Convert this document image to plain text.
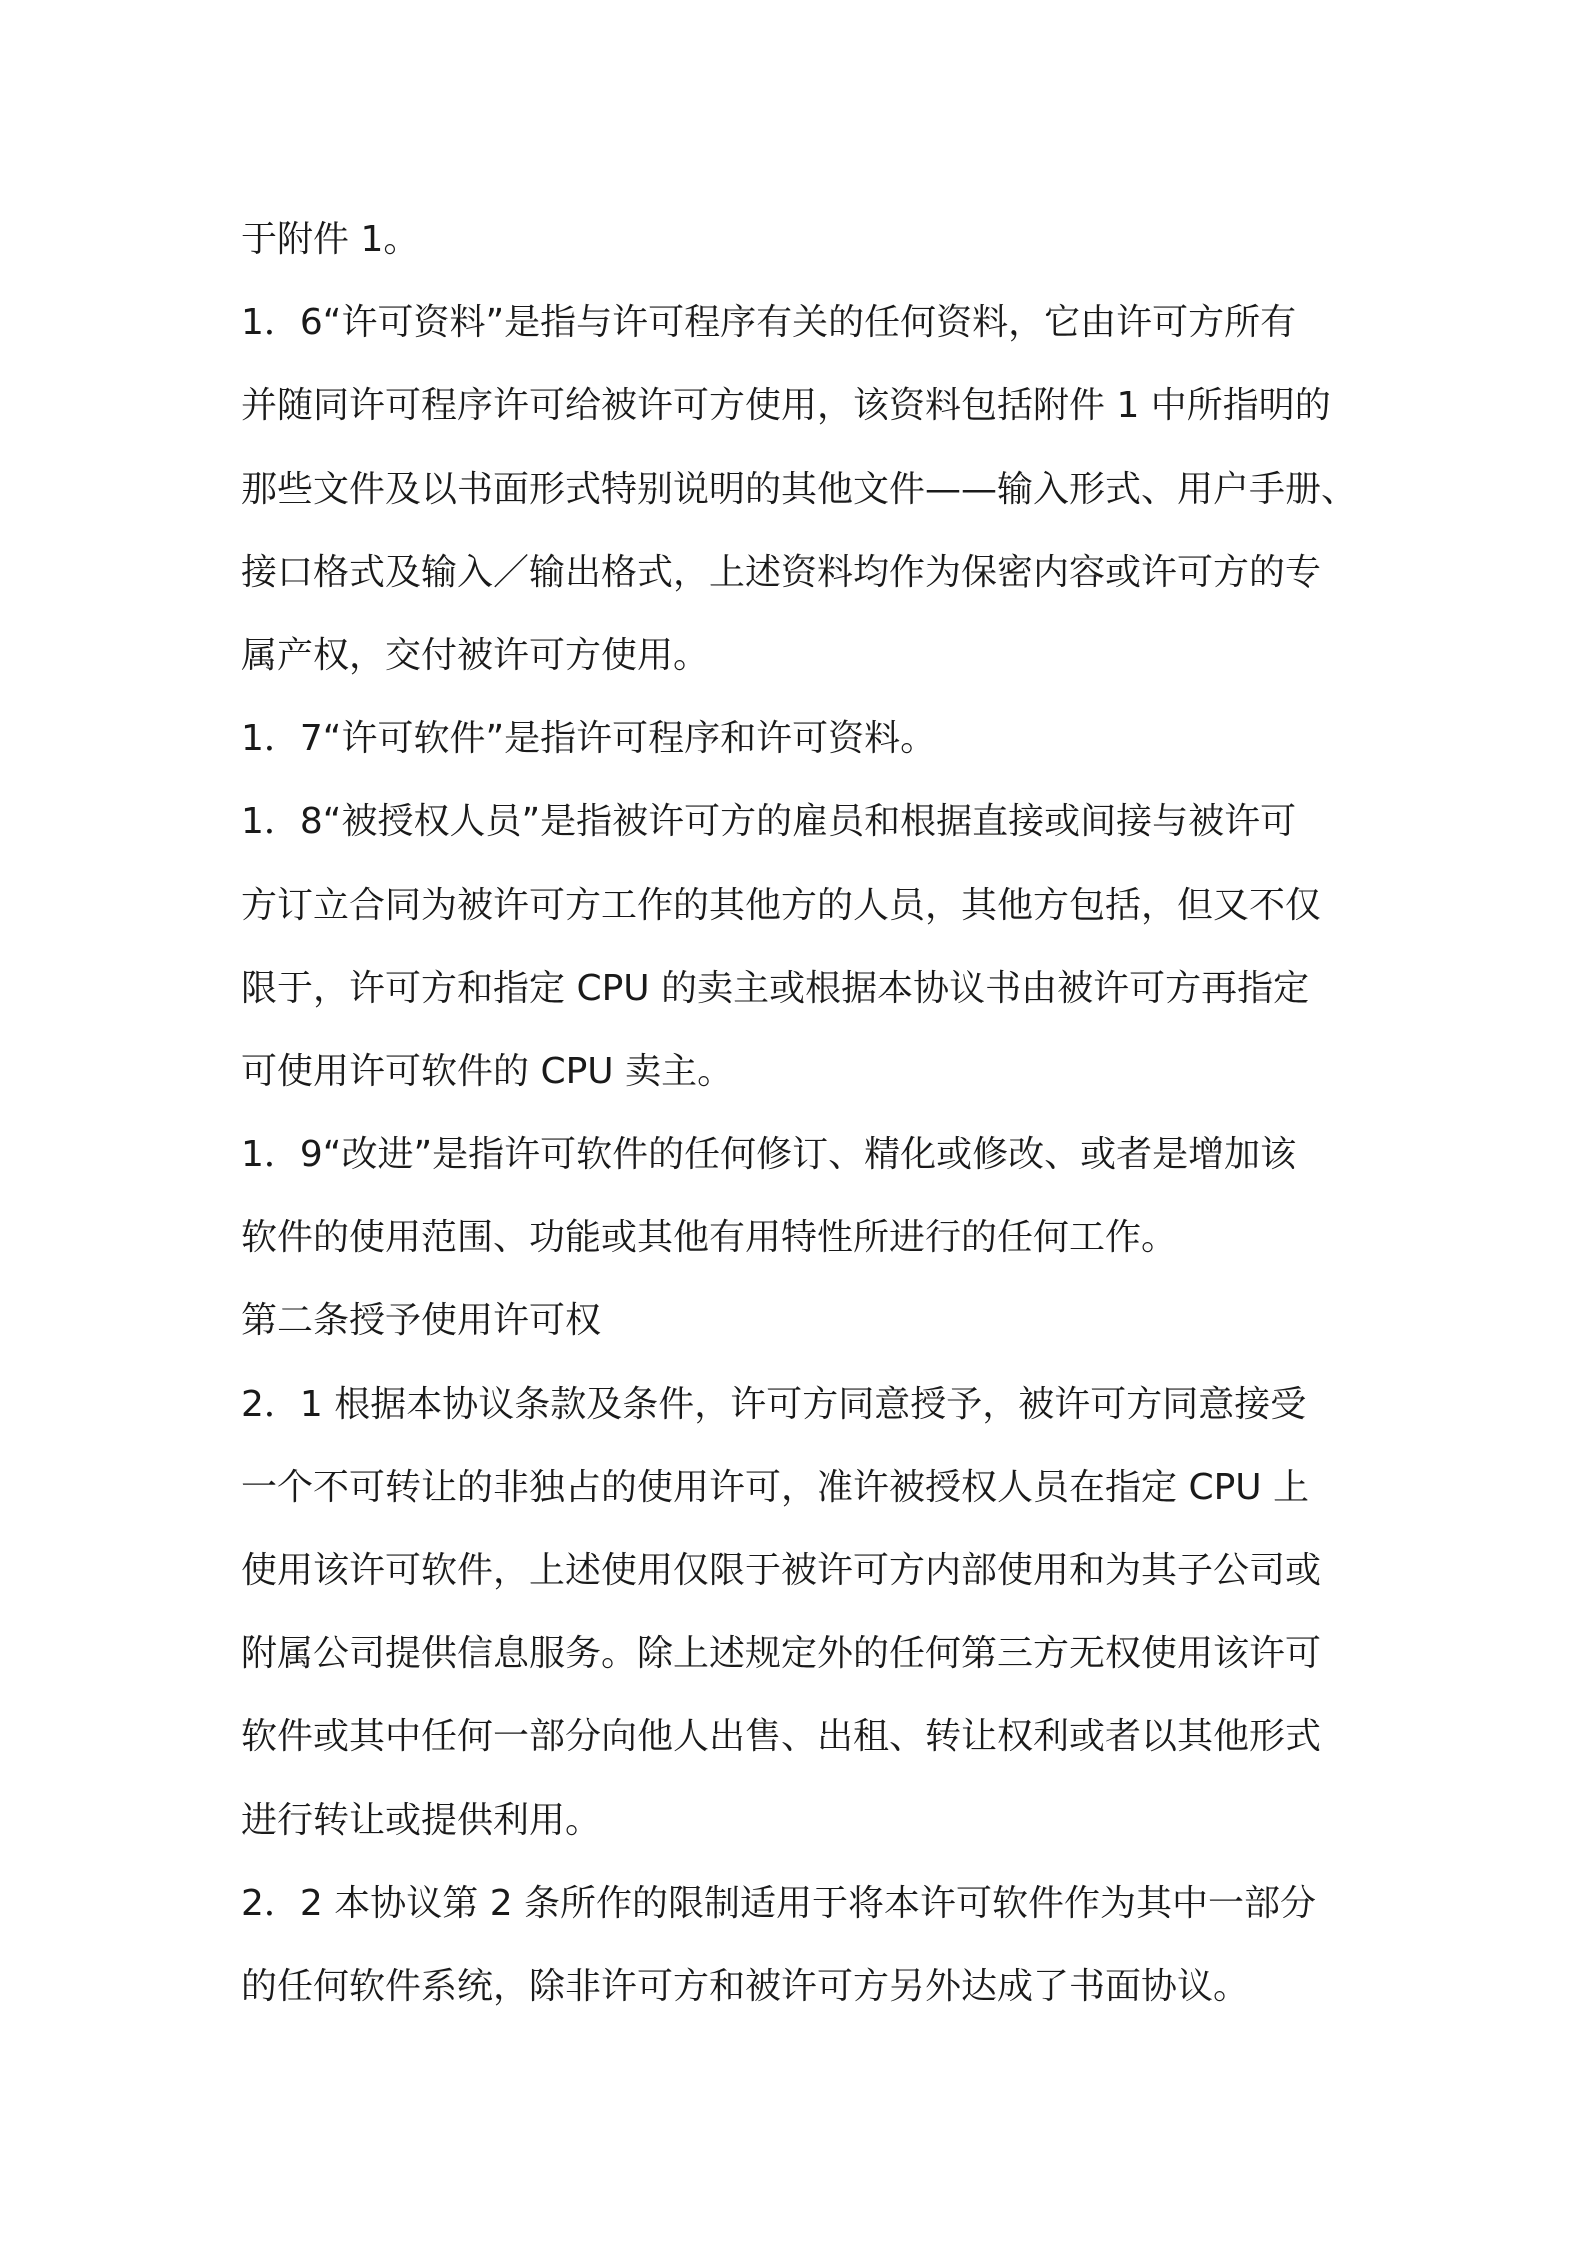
于附件 1。
1．6“许可资料”是指与许可程序有关的任何资料，它由许可方所有
并随同许可程序许可给被许可方使用，该资料包括附件 1 中所指明的
那些文件及以书面形式特别说明的其他文件——输入形式、用户手册、
接口格式及输入／输出格式，上述资料均作为保密内容或许可方的专
属产权，交付被许可方使用。
1．7“许可软件”是指许可程序和许可资料。
1．8“被授权人员”是指被许可方的雇员和根据直接或间接与被许可
方订立合同为被许可方工作的其他方的人员，其他方包括，但又不仅
限于，许可方和指定 CPU 的卖主或根据本协议书由被许可方再指定
可使用许可软件的 CPU 卖主。
1．9“改进”是指许可软件的任何修订、精化或修改、或者是增加该
软件的使用范围、功能或其他有用特性所进行的任何工作。
第二条授予使用许可权
2．1 根据本协议条款及条件，许可方同意授予，被许可方同意接受
一个不可转让的非独占的使用许可，准许被授权人员在指定 CPU 上
使用该许可软件，上述使用仅限于被许可方内部使用和为其子公司或
附属公司提供信息服务。除上述规定外的任何第三方无权使用该许可
软件或其中任何一部分向他人出售、出租、转让权利或者以其他形式
进行转让或提供利用。
2．2 本协议第 2 条所作的限制适用于将本许可软件作为其中一部分
的任何软件系统，除非许可方和被许可方另外达成了书面协议。
